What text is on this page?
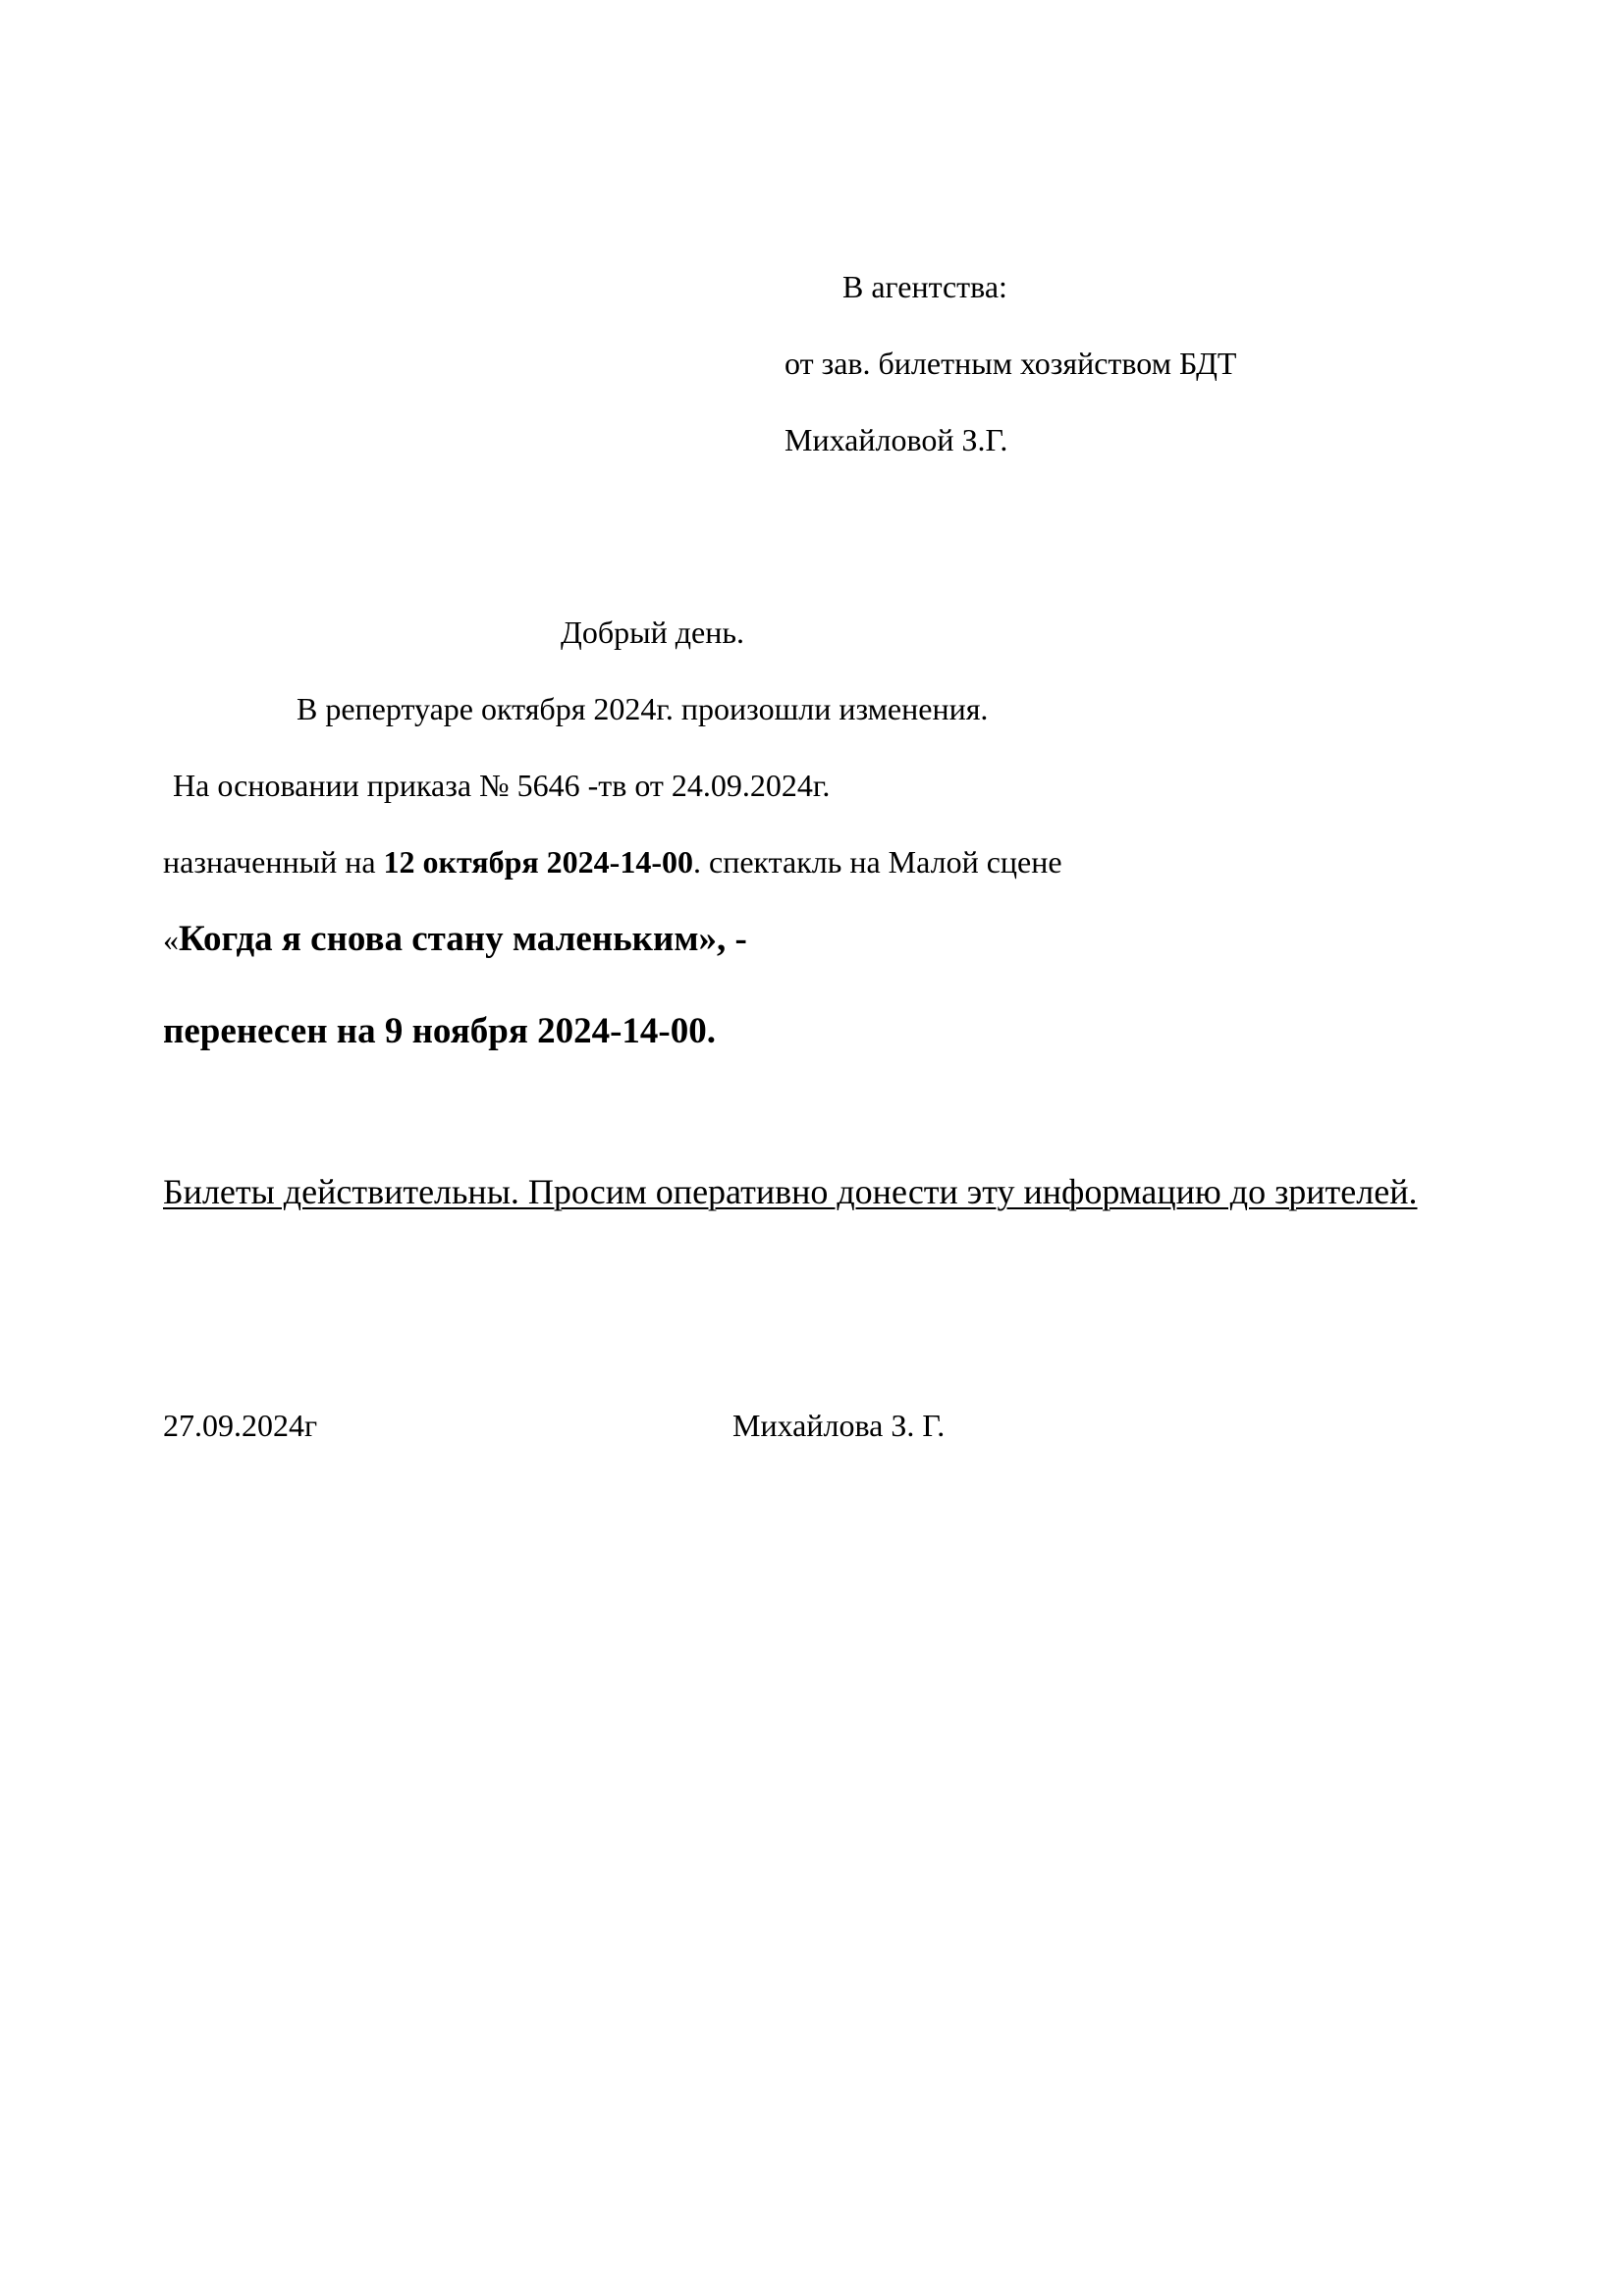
В агентства:
от зав. билетным хозяйством БДТ
Михайловой З.Г.
Добрый день.
В репертуаре октября 2024г. произошли изменения.
На основании приказа № 5646 -тв от 24.09.2024г.
назначенный на 12 октября 2024-14-00. спектакль на Малой сцене
«Когда я снова стану маленьким», -
перенесен на 9 ноября 2024-14-00.
Билеты действительны. Просим оперативно донести эту информацию до зрителей.
27.09.2024г	Михайлова З. Г.
